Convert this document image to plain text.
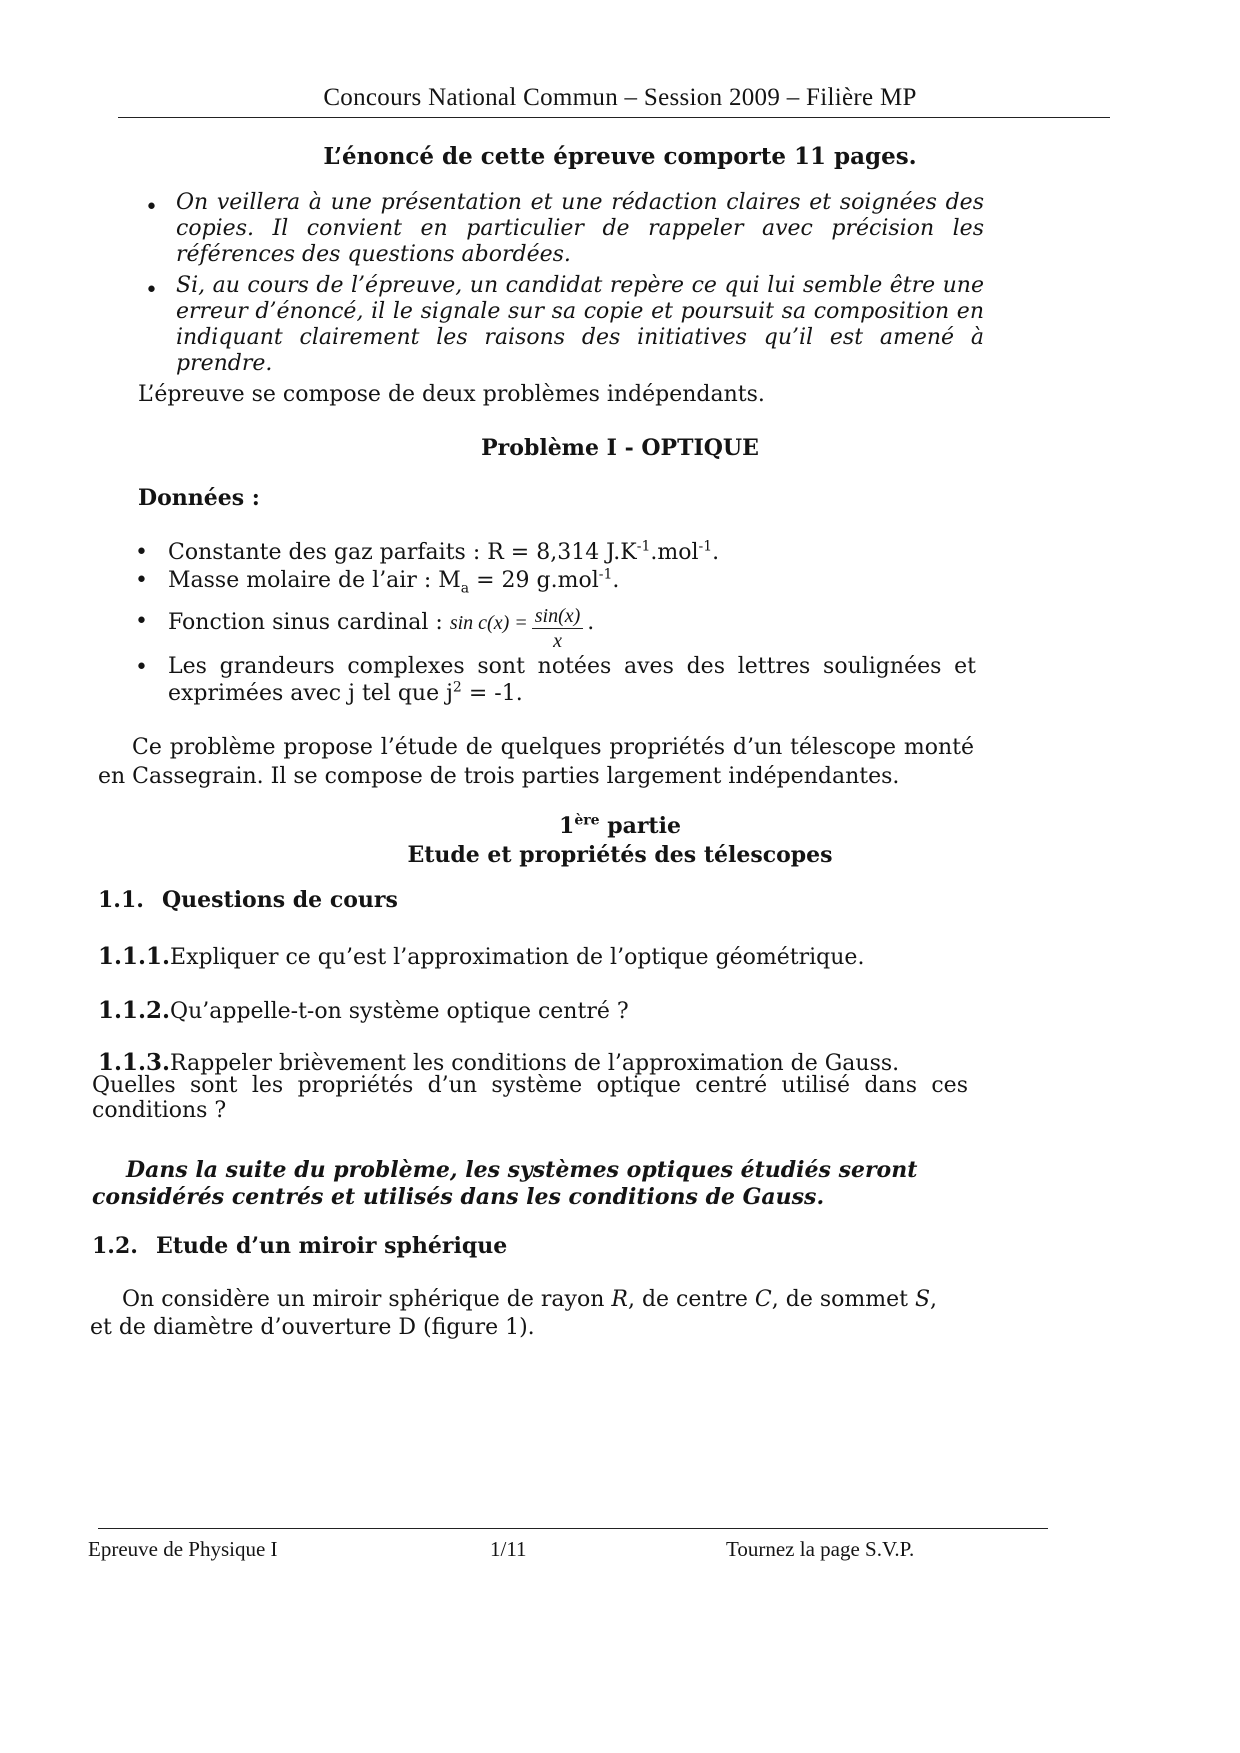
Concours National Commun – Session 2009 – Filière MP
L’énoncé de cette épreuve comporte 11 pages.
• On veillera à une présentation et une rédaction claires et soignées des copies. Il convient en particulier de rappeler avec précision les références des questions abordées.
• Si, au cours de l’épreuve, un candidat repère ce qui lui semble être une erreur d’énoncé, il le signale sur sa copie et poursuit sa composition en indiquant clairement les raisons des initiatives qu’il est amené à prendre.
L’épreuve se compose de deux problèmes indépendants.
Problème I - OPTIQUE
Données :
• Constante des gaz parfaits : R = 8,314 $J.K^{-1}.mol^{-1}$.
• Masse molaire de l’air : $M_a = 29$ g.mol$^{-1}$.
• Fonction sinus cardinal : $\sin c(x) = \frac{\sin(x)}{x}$ .
• Les grandeurs complexes sont notées aves des lettres soulignées et exprimées avec j tel que $j^2 = -1$.
Ce problème propose l’étude de quelques propriétés d’un télescope monté en Cassegrain. Il se compose de trois parties largement indépendantes.
1ère partie
Etude et propriétés des télescopes
1.1. Questions de cours
1.1.1.Expliquer ce qu’est l’approximation de l’optique géométrique.
1.1.2.Qu’appelle-t-on système optique centré ?
1.1.3.Rappeler brièvement les conditions de l’approximation de Gauss.
Quelles sont les propriétés d’un système optique centré utilisé dans ces conditions ?
Dans la suite du problème, les systèmes optiques étudiés seront considérés centrés et utilisés dans les conditions de Gauss.
1.2. Etude d’un miroir sphérique
On considère un miroir sphérique de rayon R, de centre C, de sommet S, et de diamètre d’ouverture D (figure 1).
Epreuve de Physique I	1/11	Tournez la page S.V.P.
